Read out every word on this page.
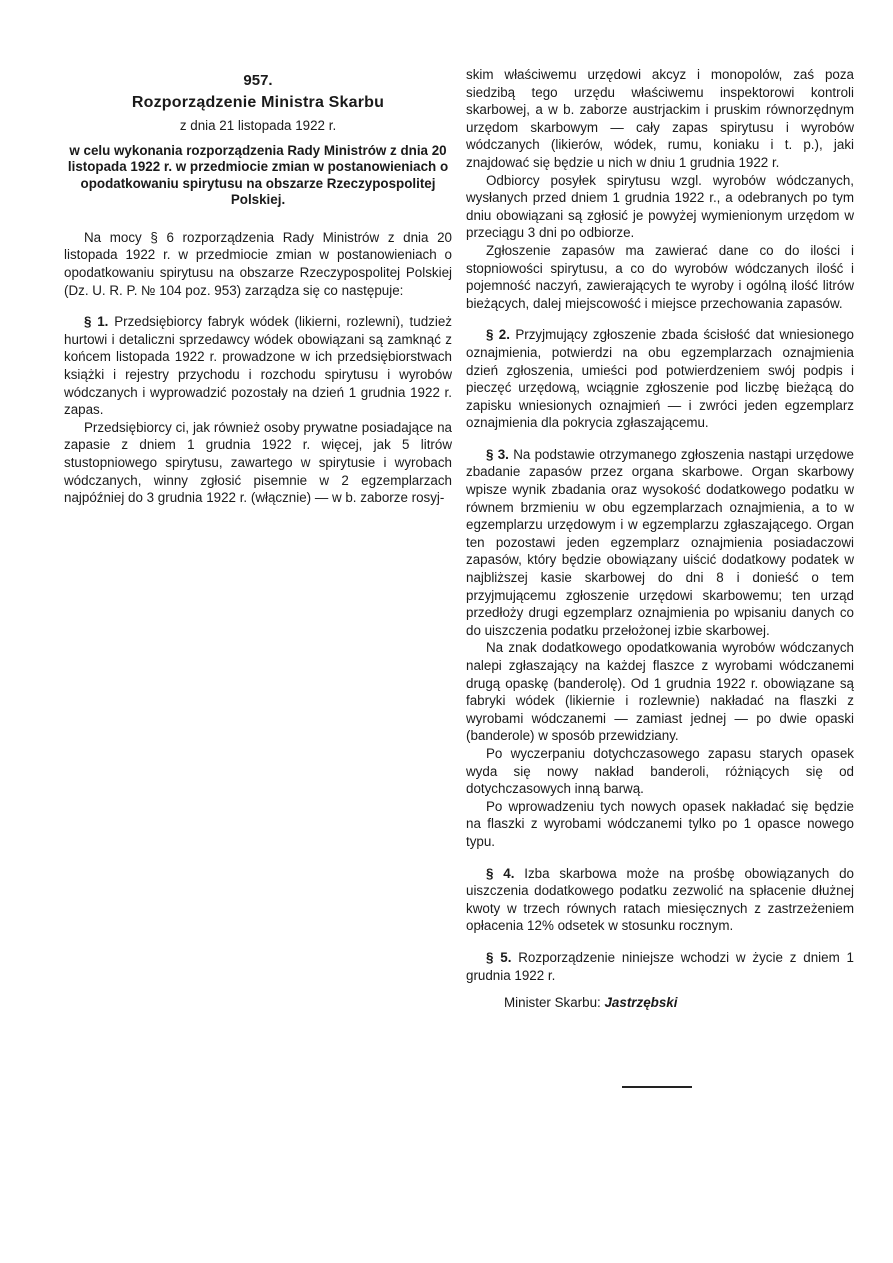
957.
Rozporządzenie Ministra Skarbu
z dnia 21 listopada 1922 r.
w celu wykonania rozporządzenia Rady Ministrów z dnia 20 listopada 1922 r. w przedmiocie zmian w postanowieniach o opodatkowaniu spirytusu na obszarze Rzeczypospolitej Polskiej.

Na mocy § 6 rozporządzenia Rady Ministrów z dnia 20 listopada 1922 r. w przedmiocie zmian w postanowieniach o opodatkowaniu spirytusu na obszarze Rzeczypospolitej Polskiej (Dz. U. R. P. № 104 poz. 953) zarządza się co następuje:

§ 1. Przedsiębiorcy fabryk wódek (likierni, rozlewni), tudzież hurtowi i detaliczni sprzedawcy wódek obowiązani są zamknąć z końcem listopada 1922 r. prowadzone w ich przedsiębiorstwach książki i rejestry przychodu i rozchodu spirytusu i wyrobów wódczanych i wyprowadzić pozostały na dzień 1 grudnia 1922 r. zapas.

Przedsiębiorcy ci, jak również osoby prywatne posiadające na zapasie z dniem 1 grudnia 1922 r. więcej, jak 5 litrów stustopniowego spirytusu, zawartego w spirytusie i wyrobach wódczanych, winny zgłosić pisemnie w 2 egzemplarzach najpóźniej do 3 grudnia 1922 r. (włącznie) — w b. zaborze rosyj-

skim właściwemu urzędowi akcyz i monopolów, zaś poza siedzibą tego urzędu właściwemu inspektorowi kontroli skarbowej, a w b. zaborze austrjackim i pruskim równorzędnym urzędom skarbowym — cały zapas spirytusu i wyrobów wódczanych (likierów, wódek, rumu, koniaku i t. p.), jaki znajdować się będzie u nich w dniu 1 grudnia 1922 r.

Odbiorcy posyłek spirytusu wzgl. wyrobów wódczanych, wysłanych przed dniem 1 grudnia 1922 r., a odebranych po tym dniu obowiązani są zgłosić je powyżej wymienionym urzędom w przeciągu 3 dni po odbiorze.

Zgłoszenie zapasów ma zawierać dane co do ilości i stopniowości spirytusu, a co do wyrobów wódczanych ilość i pojemność naczyń, zawierających te wyroby i ogólną ilość litrów bieżących, dalej miejscowość i miejsce przechowania zapasów.

§ 2. Przyjmujący zgłoszenie zbada ścisłość dat wniesionego oznajmienia, potwierdzi na obu egzemplarzach oznajmienia dzień zgłoszenia, umieści pod potwierdzeniem swój podpis i pieczęć urzędową, wciągnie zgłoszenie pod liczbę bieżącą do zapisku wniesionych oznajmień — i zwróci jeden egzemplarz oznajmienia dla pokrycia zgłaszającemu.

§ 3. Na podstawie otrzymanego zgłoszenia nastąpi urzędowe zbadanie zapasów przez organa skarbowe. Organ skarbowy wpisze wynik zbadania oraz wysokość dodatkowego podatku w równem brzmieniu w obu egzemplarzach oznajmienia, a to w egzemplarzu urzędowym i w egzemplarzu zgłaszającego. Organ ten pozostawi jeden egzemplarz oznajmienia posiadaczowi zapasów, który będzie obowiązany uiścić dodatkowy podatek w najbliższej kasie skarbowej do dni 8 i donieść o tem przyjmującemu zgłoszenie urzędowi skarbowemu; ten urząd przedłoży drugi egzemplarz oznajmienia po wpisaniu danych co do uiszczenia podatku przełożonej izbie skarbowej.

Na znak dodatkowego opodatkowania wyrobów wódczanych nalepi zgłaszający na każdej flaszce z wyrobami wódczanemi drugą opaskę (banderolę). Od 1 grudnia 1922 r. obowiązane są fabryki wódek (likiernie i rozlewnie) nakładać na flaszki z wyrobami wódczanemi — zamiast jednej — po dwie opaski (banderole) w sposób przewidziany.

Po wyczerpaniu dotychczasowego zapasu starych opasek wyda się nowy nakład banderoli, różniących się od dotychczasowych inną barwą.

Po wprowadzeniu tych nowych opasek nakładać się będzie na flaszki z wyrobami wódczanemi tylko po 1 opasce nowego typu.

§ 4. Izba skarbowa może na prośbę obowiązanych do uiszczenia dodatkowego podatku zezwolić na spłacenie dłużnej kwoty w trzech równych ratach miesięcznych z zastrzeżeniem opłacenia 12% odsetek w stosunku rocznym.

§ 5. Rozporządzenie niniejsze wchodzi w życie z dniem 1 grudnia 1922 r.

Minister Skarbu: Jastrzębski
